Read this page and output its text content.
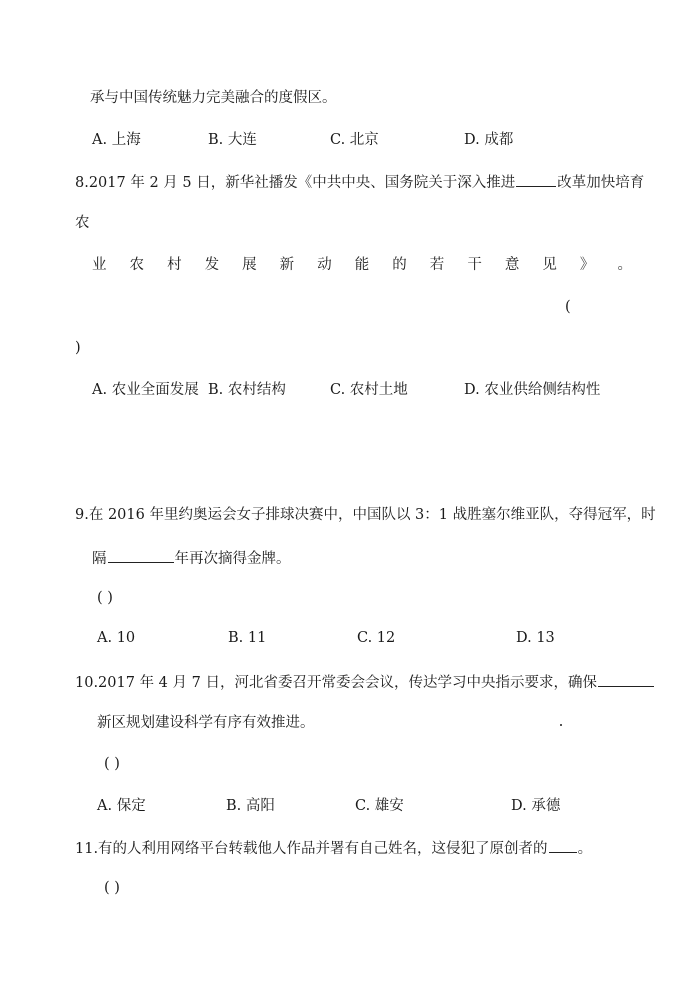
承与中国传统魅力完美融合的度假区。
A. 上海	B. 大连	C. 北京	D. 成都
8.2017 年 2 月 5 日，新华社播发《中共中央、国务院关于深入推进	改革加快培育
农
业 农 村 发 展 新 动 能 的 若 干 意 见 》 。
(
)
A. 农业全面发展 B. 农村结构	C. 农村土地	D. 农业供给侧结构性
9.在 2016 年里约奥运会女子排球决赛中，中国队以 3：1 战胜塞尔维亚队，夺得冠军，时
隔	年再次摘得金牌。
( )
A. 10	B. 11	C. 12	D. 13
10.2017 年 4 月 7 日，河北省委召开常委会会议，传达学习中央指示要求，确保
新区规划建设科学有序有效推进。
( )
A. 保定	B. 高阳	C. 雄安	D. 承德
11.有的人利用网络平台转载他人作品并署有自己姓名，这侵犯了原创者的 。
( )
